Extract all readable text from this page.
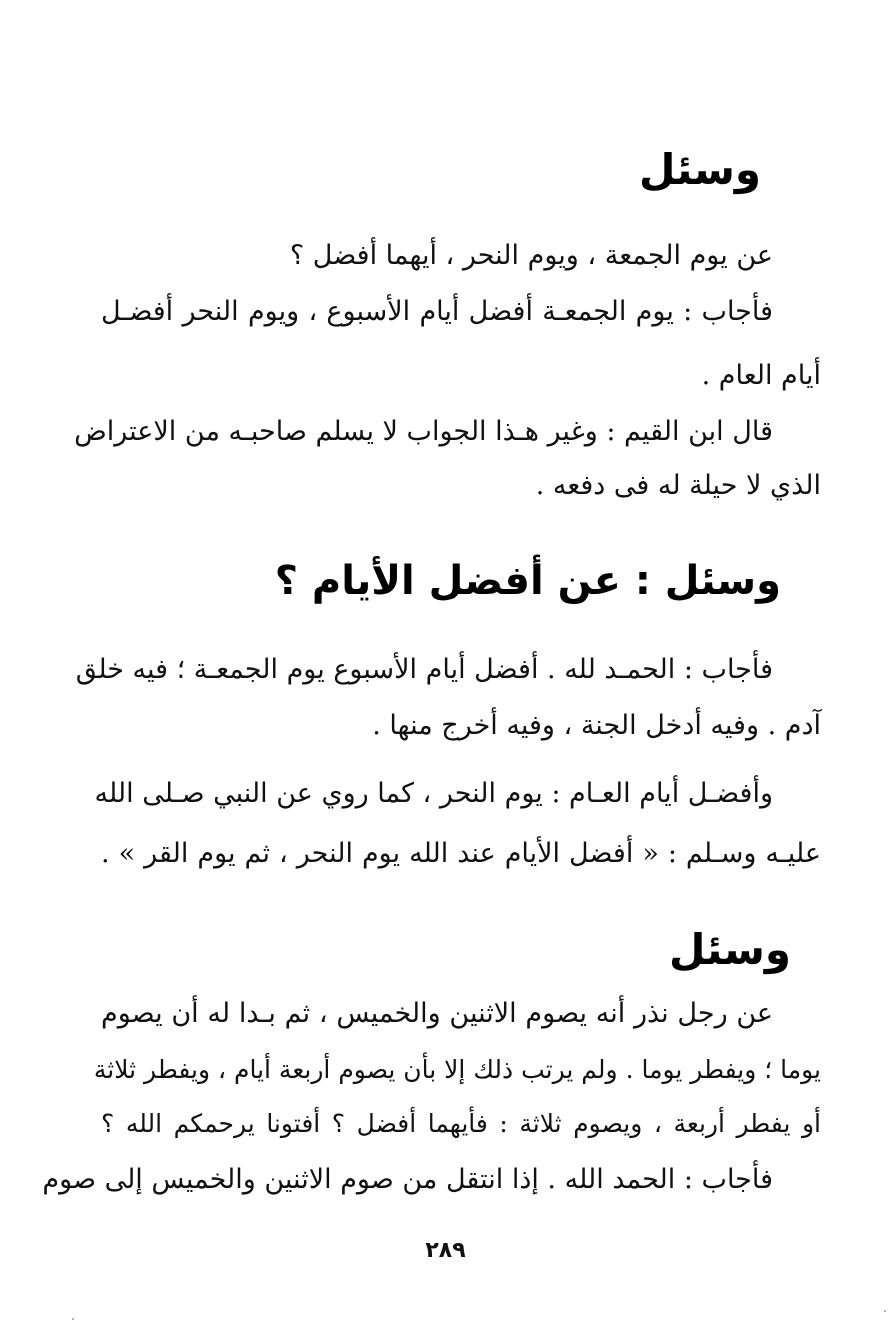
وسئل
عن يوم الجمعة ، ويوم النحر ، أيهما أفضل ؟
فأجاب : يوم الجمعـة أفضل أيام الأسبوع ، ويوم النحر أفضـل
أيام العام .
قال ابن القيم : وغير هـذا الجواب لا يسلم صاحبـه من الاعتراض
الذي لا حيلة له فى دفعه .
وسئل : عن أفضل الأيام ؟
فأجاب : الحمـد لله . أفضل أيام الأسبوع يوم الجمعـة ؛ فيه خلق
آدم . وفيه أدخل الجنة ، وفيه أخرج منها .
وأفضـل أيام العـام : يوم النحر ، كما روي عن النبي صـلى الله
عليـه وسـلم : « أفضل الأيام عند الله يوم النحر ، ثم يوم القر » .
وسئل
عن رجل نذر أنه يصوم الاثنين والخميس ، ثم بـدا له أن يصوم
يوما ؛ ويفطر يوما . ولم يرتب ذلك إلا بأن يصوم أربعة أيام ، ويفطر ثلاثة
أو يفطر أربعة ، ويصوم ثلاثة : فأيهما أفضل ؟ أفتونا يرحمكم الله ؟
فأجاب : الحمد الله . إذا انتقل من صوم الاثنين والخميس إلى صوم
٢٨٩
